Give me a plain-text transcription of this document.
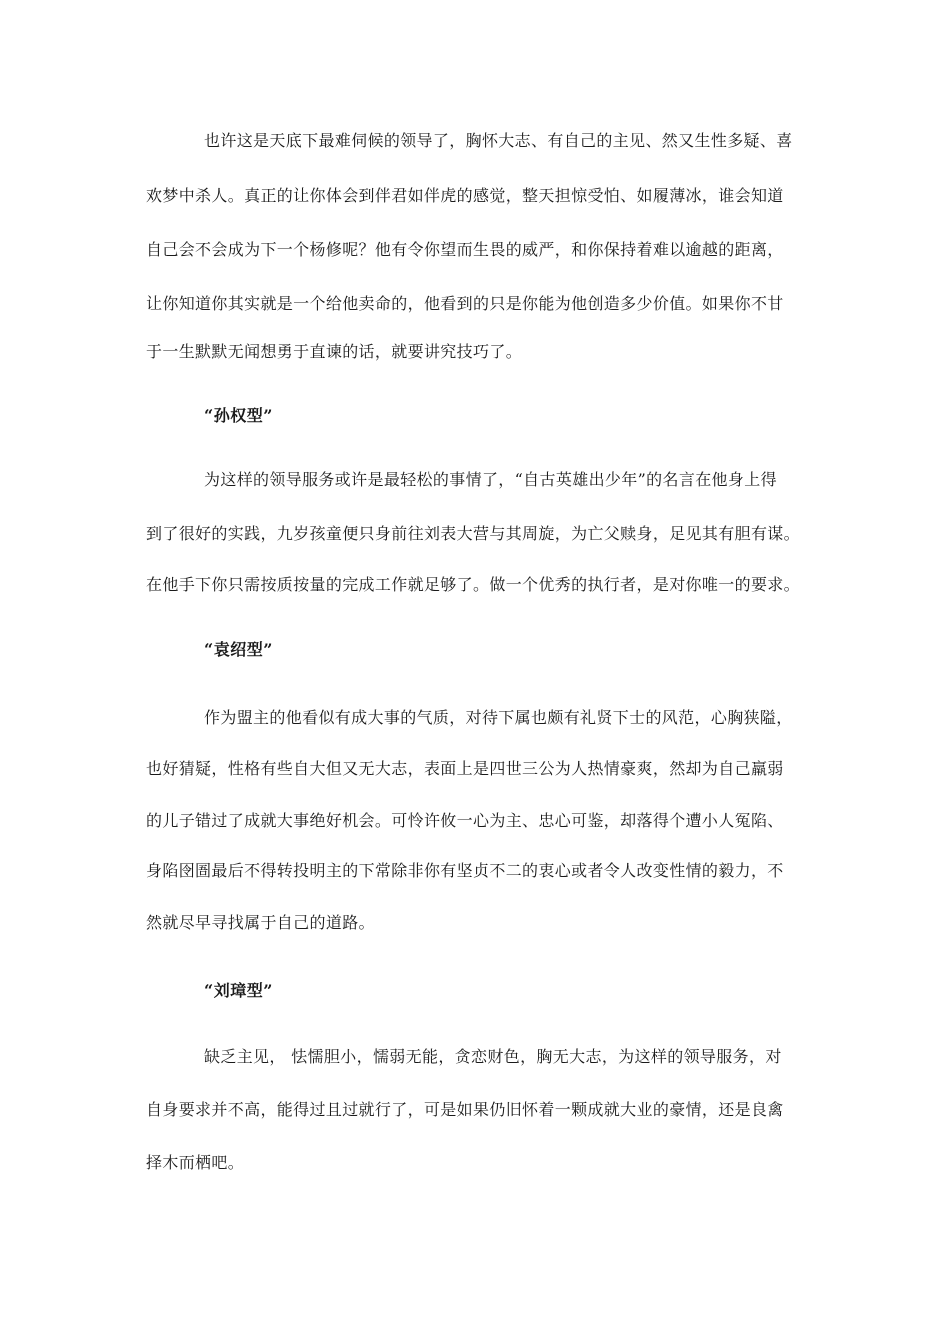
也许这是天底下最难伺候的领导了，胸怀大志、有自己的主见、然又生性多疑、喜
欢梦中杀人。真正的让你体会到伴君如伴虎的感觉，整天担惊受怕、如履薄冰，谁会知道
自己会不会成为下一个杨修呢？他有令你望而生畏的威严，和你保持着难以逾越的距离，
让你知道你其实就是一个给他卖命的，他看到的只是你能为他创造多少价值。如果你不甘
于一生默默无闻想勇于直谏的话，就要讲究技巧了。
“孙权型”
为这样的领导服务或许是最轻松的事情了，“自古英雄出少年”的名言在他身上得
到了很好的实践，九岁孩童便只身前往刘表大营与其周旋，为亡父赎身，足见其有胆有谋。
在他手下你只需按质按量的完成工作就足够了。做一个优秀的执行者，是对你唯一的要求。
“袁绍型”
作为盟主的他看似有成大事的气质，对待下属也颇有礼贤下士的风范，心胸狭隘，
也好猜疑，性格有些自大但又无大志，表面上是四世三公为人热情豪爽，然却为自己羸弱
的儿子错过了成就大事绝好机会。可怜许攸一心为主、忠心可鉴，却落得个遭小人冤陷、
身陷囹圄最后不得转投明主的下常除非你有坚贞不二的衷心或者令人改变性情的毅力，不
然就尽早寻找属于自己的道路。
“刘璋型”
缺乏主见， 怯懦胆小，懦弱无能，贪恋财色，胸无大志，为这样的领导服务，对
自身要求并不高，能得过且过就行了，可是如果仍旧怀着一颗成就大业的豪情，还是良禽
择木而栖吧。
